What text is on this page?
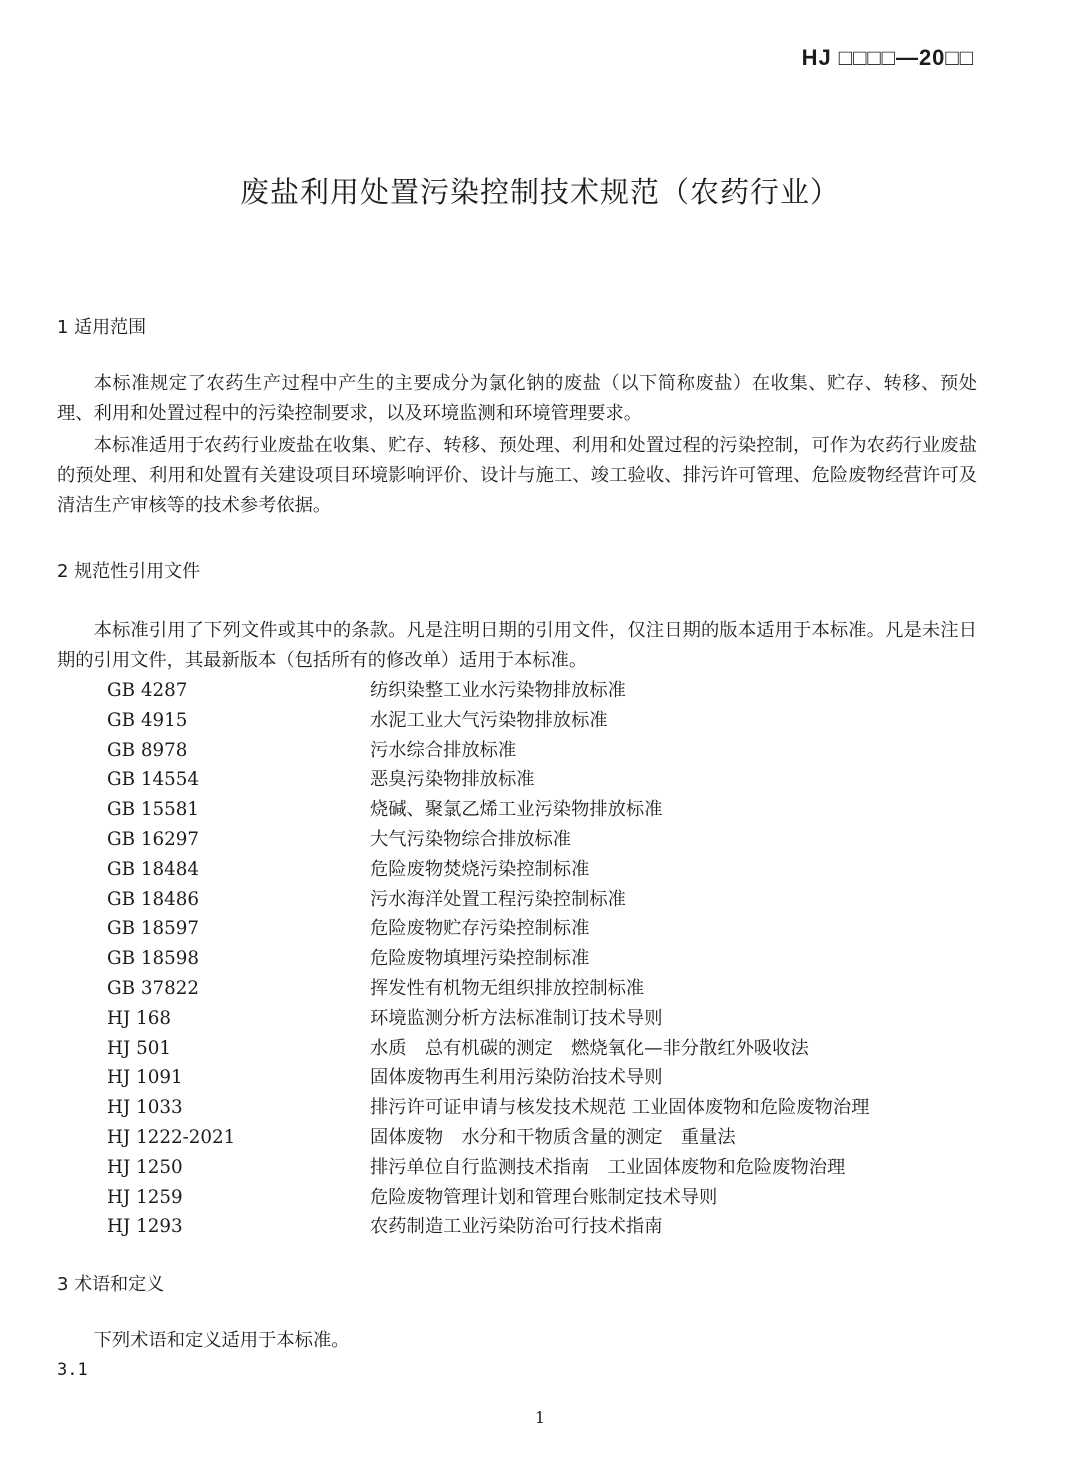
HJ □□□□—20□□
废盐利用处置污染控制技术规范（农药行业）
1 适用范围

本标准规定了农药生产过程中产生的主要成分为氯化钠的废盐（以下简称废盐）在收集、贮存、转移、预处理、利用和处置过程中的污染控制要求，以及环境监测和环境管理要求。

本标准适用于农药行业废盐在收集、贮存、转移、预处理、利用和处置过程的污染控制，可作为农药行业废盐的预处理、利用和处置有关建设项目环境影响评价、设计与施工、竣工验收、排污许可管理、危险废物经营许可及清洁生产审核等的技术参考依据。

2 规范性引用文件

本标准引用了下列文件或其中的条款。凡是注明日期的引用文件，仅注日期的版本适用于本标准。凡是未注日期的引用文件，其最新版本（包括所有的修改单）适用于本标准。

GB 4287	纺织染整工业水污染物排放标准
GB 4915	水泥工业大气污染物排放标准
GB 8978	污水综合排放标准
GB 14554	恶臭污染物排放标准
GB 15581	烧碱、聚氯乙烯工业污染物排放标准
GB 16297	大气污染物综合排放标准
GB 18484	危险废物焚烧污染控制标准
GB 18486	污水海洋处置工程污染控制标准
GB 18597	危险废物贮存污染控制标准
GB 18598	危险废物填埋污染控制标准
GB 37822	挥发性有机物无组织排放控制标准
HJ 168	环境监测分析方法标准制订技术导则
HJ 501	水质　总有机碳的测定　燃烧氧化—非分散红外吸收法
HJ 1091	固体废物再生利用污染防治技术导则
HJ 1033	排污许可证申请与核发技术规范 工业固体废物和危险废物治理
HJ 1222-2021	固体废物　水分和干物质含量的测定　重量法
HJ 1250	排污单位自行监测技术指南　工业固体废物和危险废物治理
HJ 1259	危险废物管理计划和管理台账制定技术导则
HJ 1293	农药制造工业污染防治可行技术指南
3 术语和定义

下列术语和定义适用于本标准。

3.1
1
